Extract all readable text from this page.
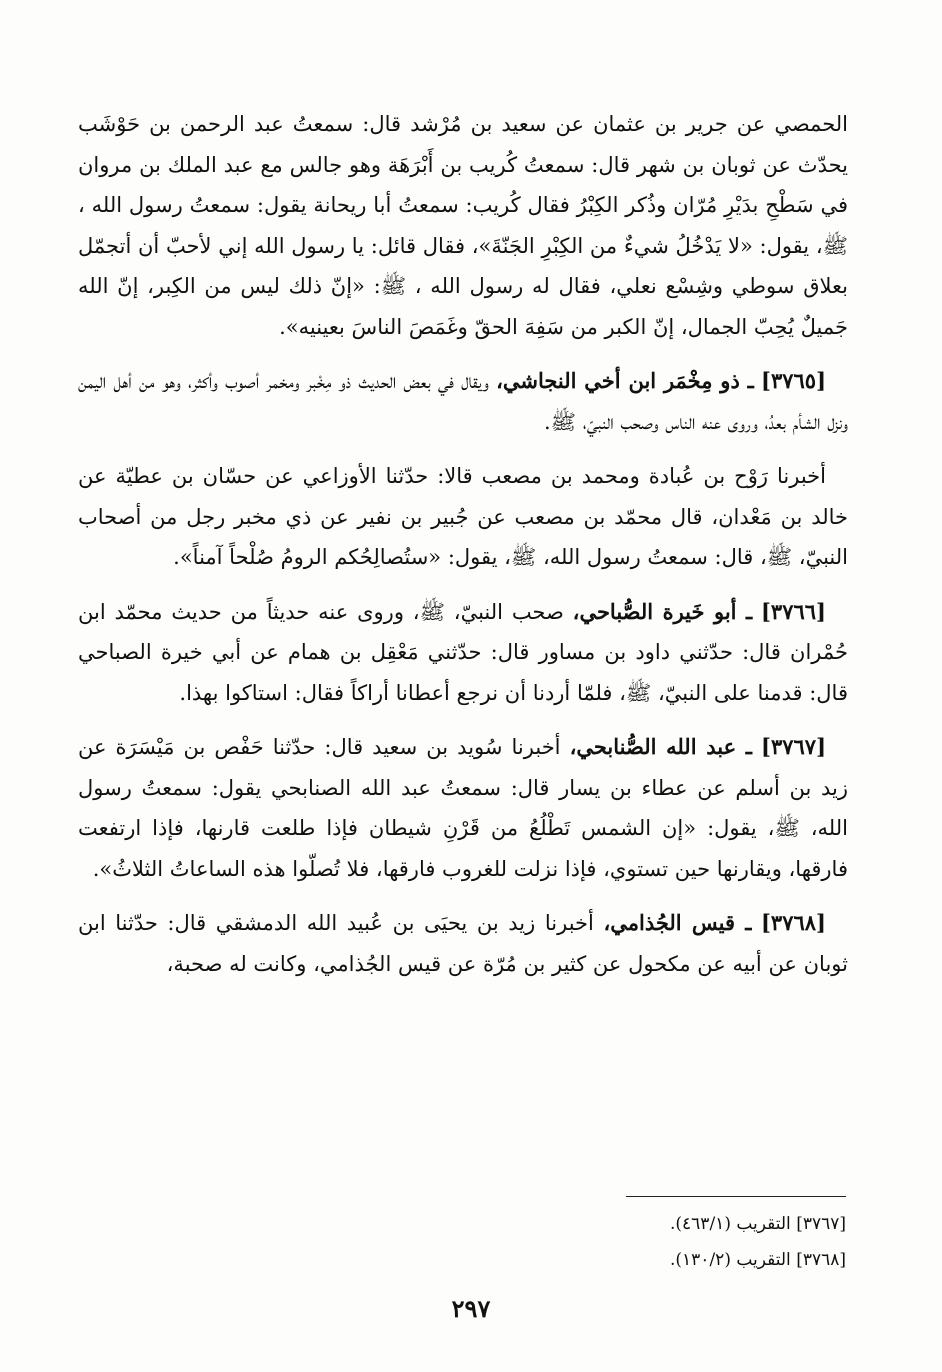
الحمصي عن جرير بن عثمان عن سعيد بن مُرْشد قال: سمعتُ عبد الرحمن بن حَوْشَب يحدّث عن ثوبان بن شهر قال: سمعتُ كُريب بن أَبْرَهَة وهو جالس مع عبد الملك بن مروان في سَطْحِ بدَيْرِ مُرّان وذُكر الكِبْرُ فقال كُريب: سمعتُ أبا ريحانة يقول: سمعتُ رسول الله ، ﷺ، يقول: «لا يَدْخُلُ شيءٌ من الكِبْرِ الجَنّةَ»، فقال قائل: يا رسول الله إني لأحبّ أن أتجمّل بعلاق سوطي وشِسْع نعلي، فقال له رسول الله ، ﷺ: «إنّ ذلك ليس من الكِبر، إنّ الله جَميلٌ يُحِبّ الجمال، إنّ الكبر من سَفِهَ الحقّ وغَمَصَ الناسَ بعينيه».

[٣٧٦٥] ـ ذو مِخْمَر ابن أخي النجاشي، ويقال في بعض الحديث ذو مِخْبر ومخمر أصوب وأكثر، وهو من أهل اليمن ونزل الشأم بعدُ، وروى عنه الناس وصحب النبيّ، ﷺ.

أخبرنا رَوْح بن عُبادة ومحمد بن مصعب قالا: حدّثنا الأوزاعي عن حسّان بن عطيّة عن خالد بن مَعْدان، قال محمّد بن مصعب عن جُبير بن نفير عن ذي مخبر رجل من أصحاب النبيّ، ﷺ، قال: سمعتُ رسول الله، ﷺ، يقول: «ستُصالِحُكم الرومُ صُلْحاً آمناً».

[٣٧٦٦] ـ أبو خَيرة الصُّباحي، صحب النبيّ، ﷺ، وروى عنه حديثاً من حديث محمّد ابن حُمْران قال: حدّثني داود بن مساور قال: حدّثني مَعْقِل بن همام عن أبي خيرة الصباحي قال: قدمنا على النبيّ، ﷺ، فلمّا أردنا أن نرجع أعطانا أراكاً فقال: استاكوا بهذا.

[٣٧٦٧] ـ عبد الله الصُّنابحي، أخبرنا سُويد بن سعيد قال: حدّثنا حَفْص بن مَيْسَرَة عن زيد بن أسلم عن عطاء بن يسار قال: سمعتُ عبد الله الصنابحي يقول: سمعتُ رسول الله، ﷺ، يقول: «إن الشمس تَطْلُعُ من قَرْنِ شيطان فإذا طلعت قارنها، فإذا ارتفعت فارقها، ويقارنها حين تستوي، فإذا نزلت للغروب فارقها، فلا تُصلّوا هذه الساعاتُ الثلاثُ».

[٣٧٦٨] ـ قيس الجُذامي، أخبرنا زيد بن يحيَى بن عُبيد الله الدمشقي قال: حدّثنا ابن ثوبان عن أبيه عن مكحول عن كثير بن مُرّة عن قيس الجُذامي، وكانت له صحبة،

[٣٧٦٧] التقريب (٤٦٣/١).

[٣٧٦٨] التقريب (١٣٠/٢).

٢٩٧
